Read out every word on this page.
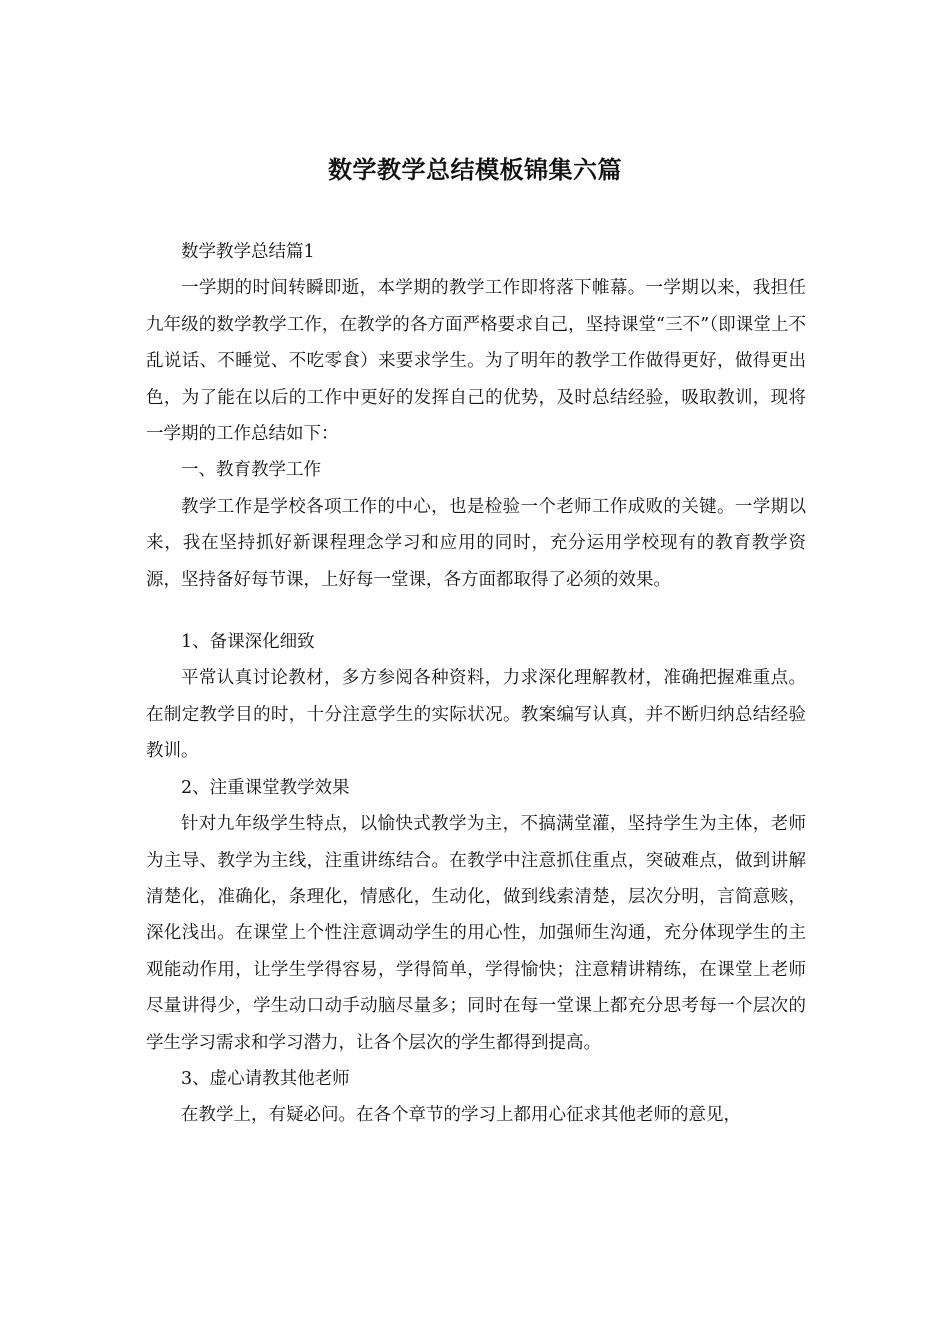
数学教学总结模板锦集六篇

数学教学总结篇1

一学期的时间转瞬即逝，本学期的教学工作即将落下帷幕。一学期以来，我担任九年级的数学教学工作，在教学的各方面严格要求自己，坚持课堂“三不”（即课堂上不乱说话、不睡觉、不吃零食）来要求学生。为了明年的教学工作做得更好，做得更出色，为了能在以后的工作中更好的发挥自己的优势，及时总结经验，吸取教训，现将一学期的工作总结如下：

一、教育教学工作

教学工作是学校各项工作的中心，也是检验一个老师工作成败的关键。一学期以来，我在坚持抓好新课程理念学习和应用的同时，充分运用学校现有的教育教学资源，坚持备好每节课，上好每一堂课，各方面都取得了必须的效果。

1、备课深化细致

平常认真讨论教材，多方参阅各种资料，力求深化理解教材，准确把握难重点。在制定教学目的时，十分注意学生的实际状况。教案编写认真，并不断归纳总结经验教训。

2、注重课堂教学效果

针对九年级学生特点，以愉快式教学为主，不搞满堂灌，坚持学生为主体，老师为主导、教学为主线，注重讲练结合。在教学中注意抓住重点，突破难点，做到讲解清楚化，准确化，条理化，情感化，生动化，做到线索清楚，层次分明，言简意赅，深化浅出。在课堂上个性注意调动学生的用心性，加强师生沟通，充分体现学生的主观能动作用，让学生学得容易，学得简单，学得愉快；注意精讲精练，在课堂上老师尽量讲得少，学生动口动手动脑尽量多；同时在每一堂课上都充分思考每一个层次的学生学习需求和学习潜力，让各个层次的学生都得到提高。

3、虚心请教其他老师

在教学上，有疑必问。在各个章节的学习上都用心征求其他老师的意见，
